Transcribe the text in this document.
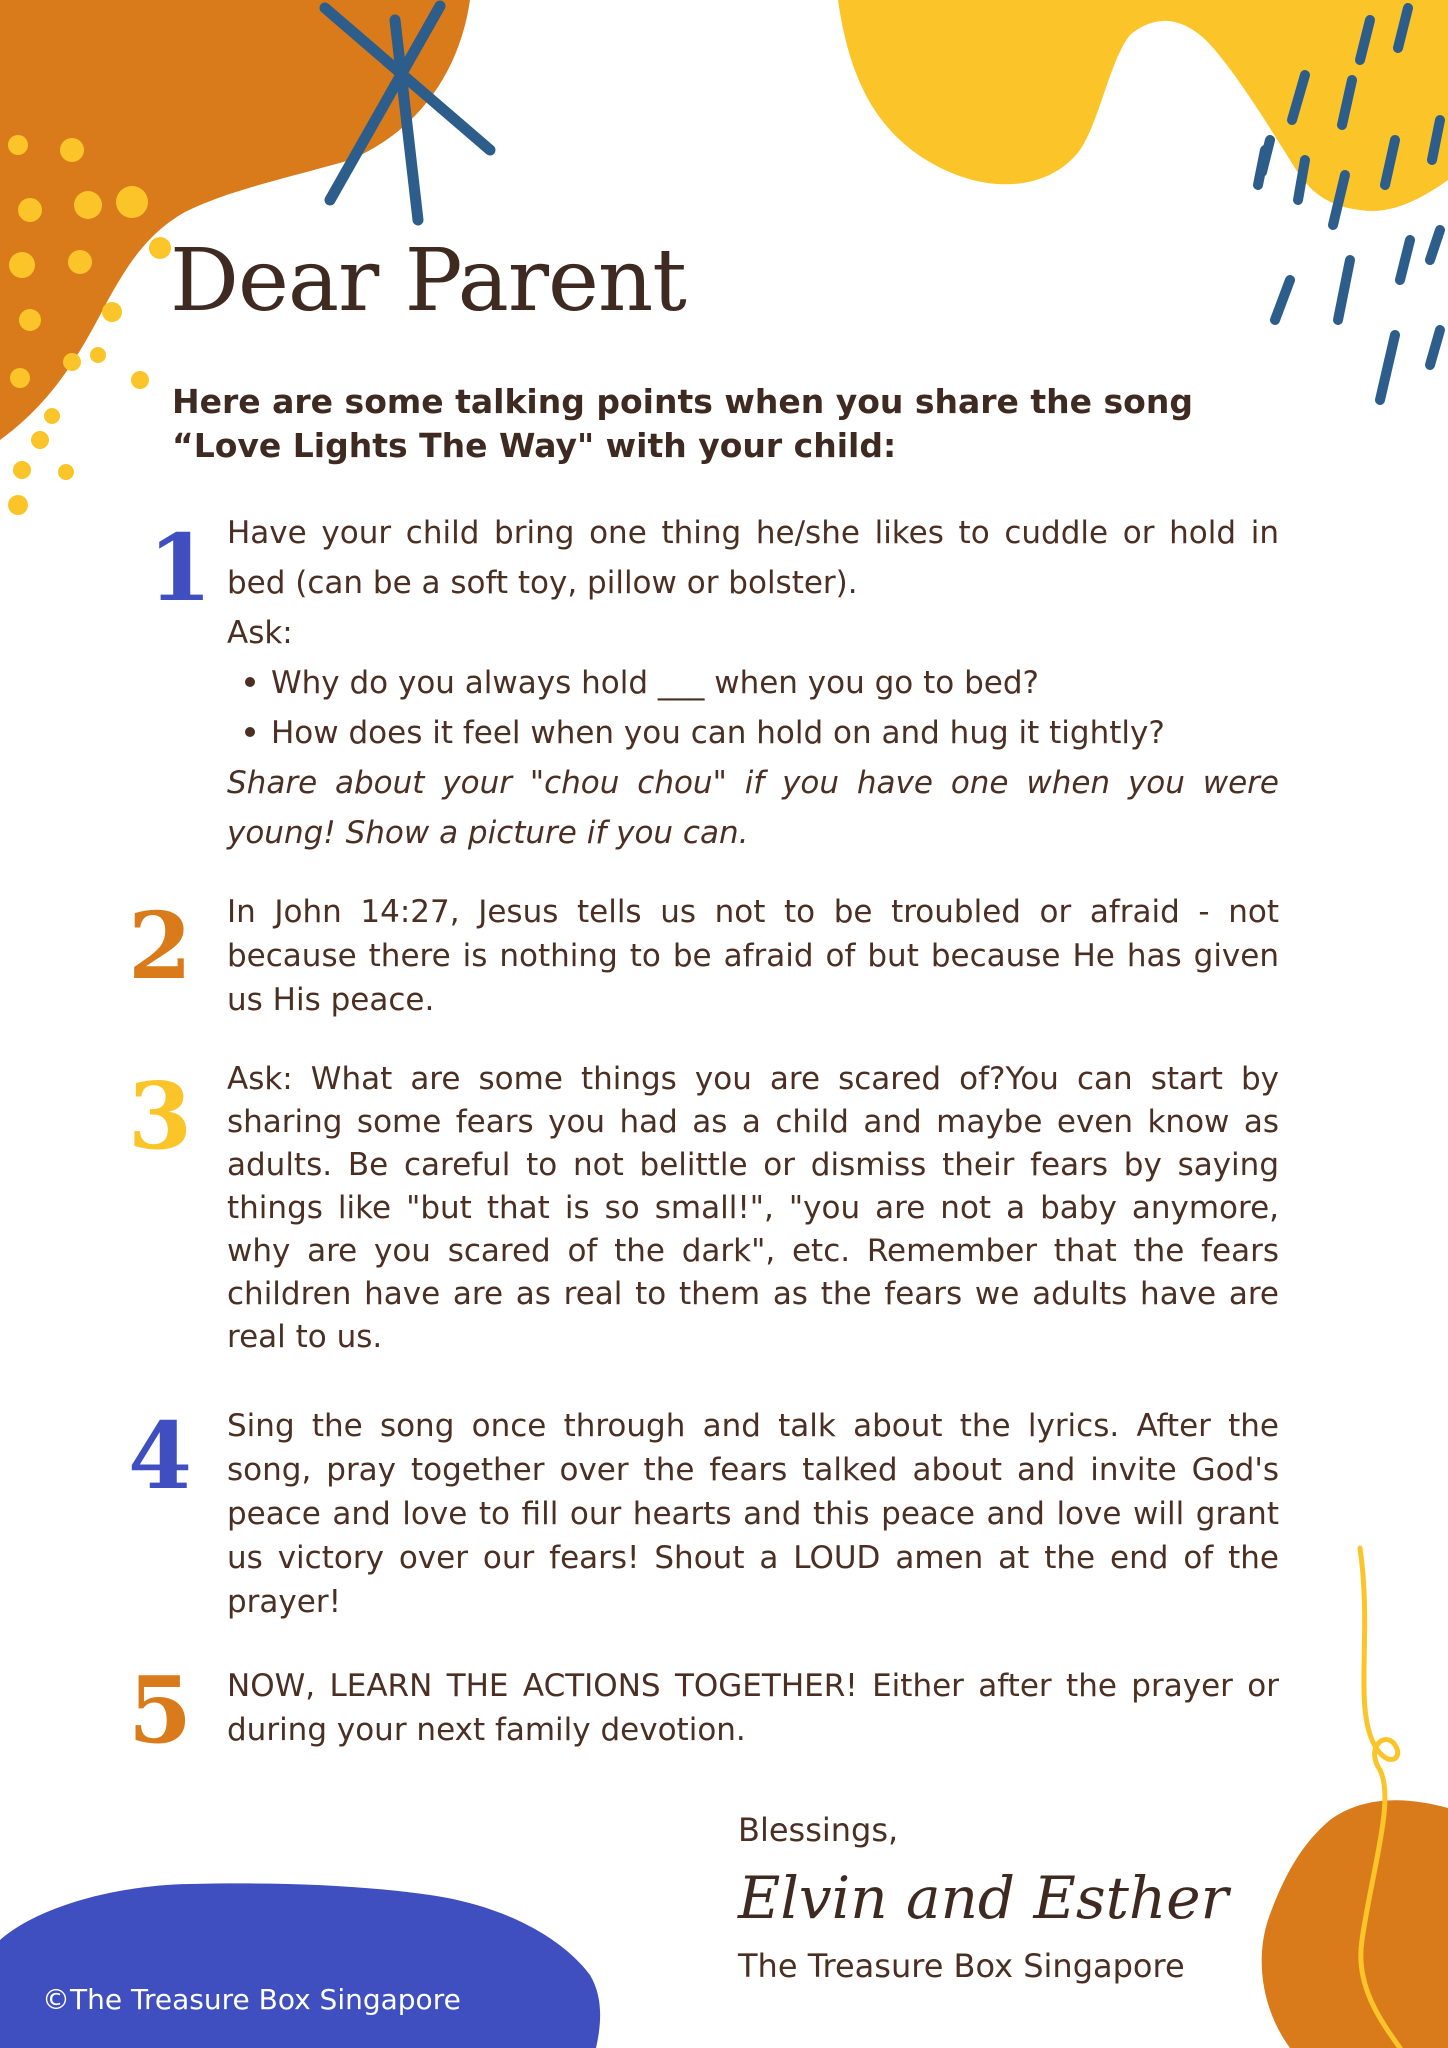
Dear Parent

Here are some talking points when you share the song “Love Lights The Way" with your child:

1
2
3
4
5

Have your child bring one thing he/she likes to cuddle or hold in bed (can be a soft toy, pillow or bolster).

Ask:

Why do you always hold ___ when you go to bed?
How does it feel when you can hold on and hug it tightly?

Share about your "chou chou" if you have one when you were young! Show a picture if you can.

In John 14:27, Jesus tells us not to be troubled or afraid - not because there is nothing to be afraid of but because He has given us His peace.
Ask: What are some things you are scared of?You can start by sharing some fears you had as a child and maybe even know as adults. Be careful to not belittle or dismiss their fears by saying things like "but that is so small!", "you are not a baby anymore, why are you scared of the dark", etc. Remember that the fears children have are as real to them as the fears we adults have are real to us.
Sing the song once through and talk about the lyrics. After the song, pray together over the fears talked about and invite God's peace and love to fill our hearts and this peace and love will grant us victory over our fears! Shout a LOUD amen at the end of the prayer!
NOW, LEARN THE ACTIONS TOGETHER! Either after the prayer or during your next family devotion.
Blessings,
Elvin and Esther
The Treasure Box Singapore
©The Treasure Box Singapore
